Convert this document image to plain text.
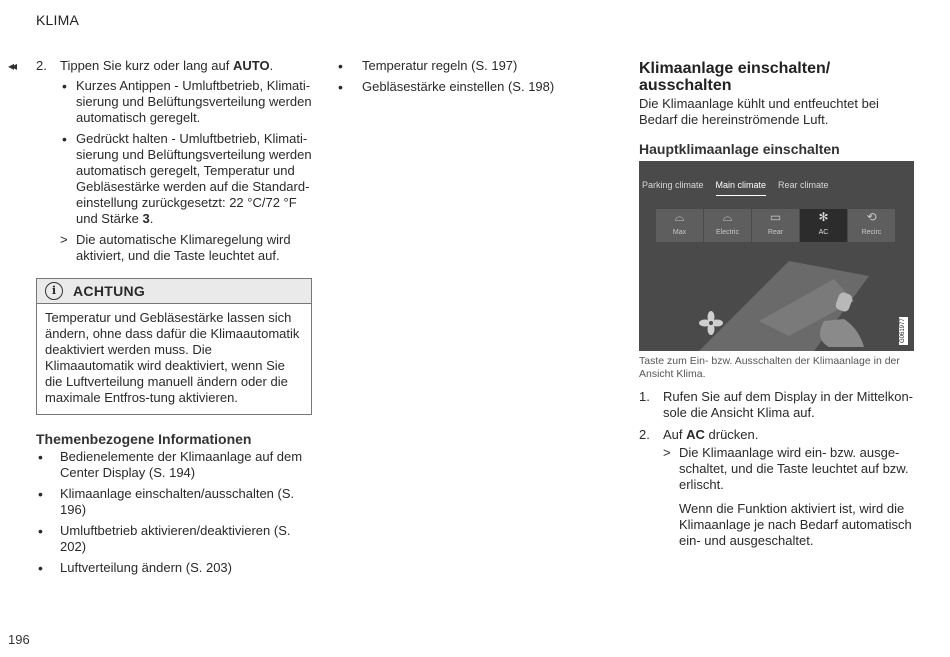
KLIMA
◂◂ 2. Tippen Sie kurz oder lang auf AUTO.
• Kurzes Antippen - Umluftbetrieb, Klimati-sierung und Belüftungsverteilung werden automatisch geregelt.
• Gedrückt halten - Umluftbetrieb, Klimati-sierung und Belüftungsverteilung werden automatisch geregelt, Temperatur und Gebläsestärke werden auf die Standard-einstellung zurückgesetzt: 22 °C/72 °F und Stärke 3.
> Die automatische Klimaregelung wird aktiviert, und die Taste leuchtet auf.
i	ACHTUNG
Temperatur und Gebläsestärke lassen sich ändern, ohne dass dafür die Klimaautomatik deaktiviert werden muss. Die Klimaautomatik wird deaktiviert, wenn Sie die Luftverteilung manuell ändern oder die maximale Entfros-tung aktivieren.
Themenbezogene Informationen
• Bedienelemente der Klimaanlage auf dem Center Display (S. 194)
• Klimaanlage einschalten/ausschalten (S. 196)
• Umluftbetrieb aktivieren/deaktivieren (S. 202)
• Luftverteilung ändern (S. 203)
• Temperatur regeln (S. 197)
• Gebläsestärke einstellen (S. 198)
Klimaanlage einschalten/ ausschalten
Die Klimaanlage kühlt und entfeuchtet bei Bedarf die hereinströmende Luft.
Hauptklimaanlage einschalten
Parking climate Main climate Rear climate
⌓
Max
⌓
Electric
▭
Rear
✻
AC
⟲
Recirc
G061977
Taste zum Ein- bzw. Ausschalten der Klimaanlage in der Ansicht Klima.
1. Rufen Sie auf dem Display in der Mittelkon-sole die Ansicht Klima auf.
2. Auf AC drücken.
> Die Klimaanlage wird ein- bzw. ausge-schaltet, und die Taste leuchtet auf bzw. erlischt.
Wenn die Funktion aktiviert ist, wird die Klimaanlage je nach Bedarf automatisch ein- und ausgeschaltet.
196
